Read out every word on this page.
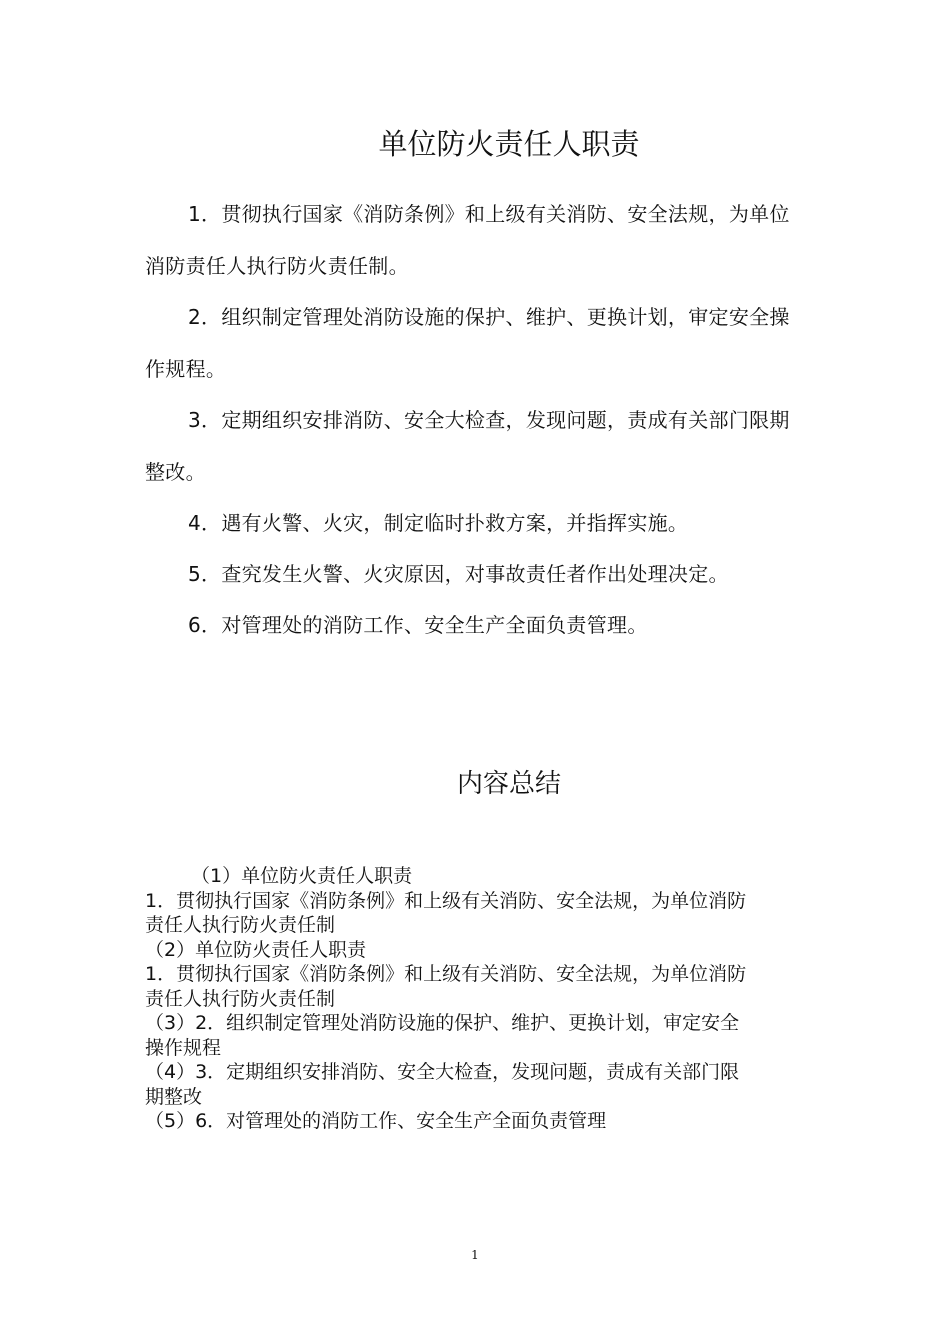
单位防火责任人职责

1．贯彻执行国家《消防条例》和上级有关消防、安全法规，为单位消防责任人执行防火责任制。

2．组织制定管理处消防设施的保护、维护、更换计划，审定安全操作规程。

3．定期组织安排消防、安全大检查，发现问题，责成有关部门限期整改。

4．遇有火警、火灾，制定临时扑救方案，并指挥实施。

5．查究发生火警、火灾原因，对事故责任者作出处理决定。

6．对管理处的消防工作、安全生产全面负责管理。

内容总结

（1）单位防火责任人职责

1．贯彻执行国家《消防条例》和上级有关消防、安全法规，为单位消防

责任人执行防火责任制

（2）单位防火责任人职责

1．贯彻执行国家《消防条例》和上级有关消防、安全法规，为单位消防

责任人执行防火责任制

（3）2．组织制定管理处消防设施的保护、维护、更换计划，审定安全

操作规程

（4）3．定期组织安排消防、安全大检查，发现问题，责成有关部门限

期整改

（5）6．对管理处的消防工作、安全生产全面负责管理

1
